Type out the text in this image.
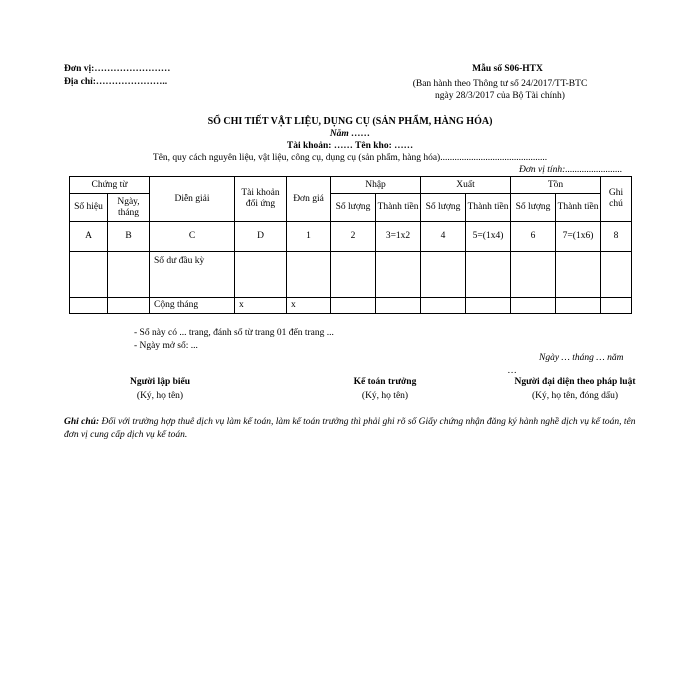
Đơn vị:……………………
Địa chỉ:…………………..
Mẫu số S06-HTX
(Ban hành theo Thông tư số 24/2017/TT-BTC
ngày 28/3/2017 của Bộ Tài chính)
SỔ CHI TIẾT VẬT LIỆU, DỤNG CỤ (SẢN PHẨM, HÀNG HÓA)
Năm ……
Tài khoản: …… Tên kho: ……
Tên, quy cách nguyên liệu, vật liệu, công cụ, dụng cụ (sản phẩm, hàng hóa).............................................
Đơn vị tính:........................
Chứng từ		Diễn giải	Tài khoản đối ứng	Đơn giá	Nhập		Xuất		Tồn		Ghi chú
Số hiệu	Ngày, tháng				Số lượng	Thành tiền	Số lượng	Thành tiền	Số lượng	Thành tiền	
A	B	C	D	1	2	3=1x2	4	5=(1x4)	6	7=(1x6)	8
		Số dư đầu kỳ									
		Cộng tháng	x	x							
- Sổ này có ... trang, đánh số từ trang 01 đến trang ...
- Ngày mở sổ: ...
Ngày … tháng … năm
…
Người lập biểu
(Ký, họ tên)
Kế toán trưởng
(Ký, họ tên)
Người đại diện theo pháp luật
(Ký, họ tên, đóng dấu)
Ghi chú: Đối với trường hợp thuê dịch vụ làm kế toán, làm kế toán trưởng thì phải ghi rõ số Giấy chứng nhận đăng ký hành nghề dịch vụ kế toán, tên đơn vị cung cấp dịch vụ kế toán.
